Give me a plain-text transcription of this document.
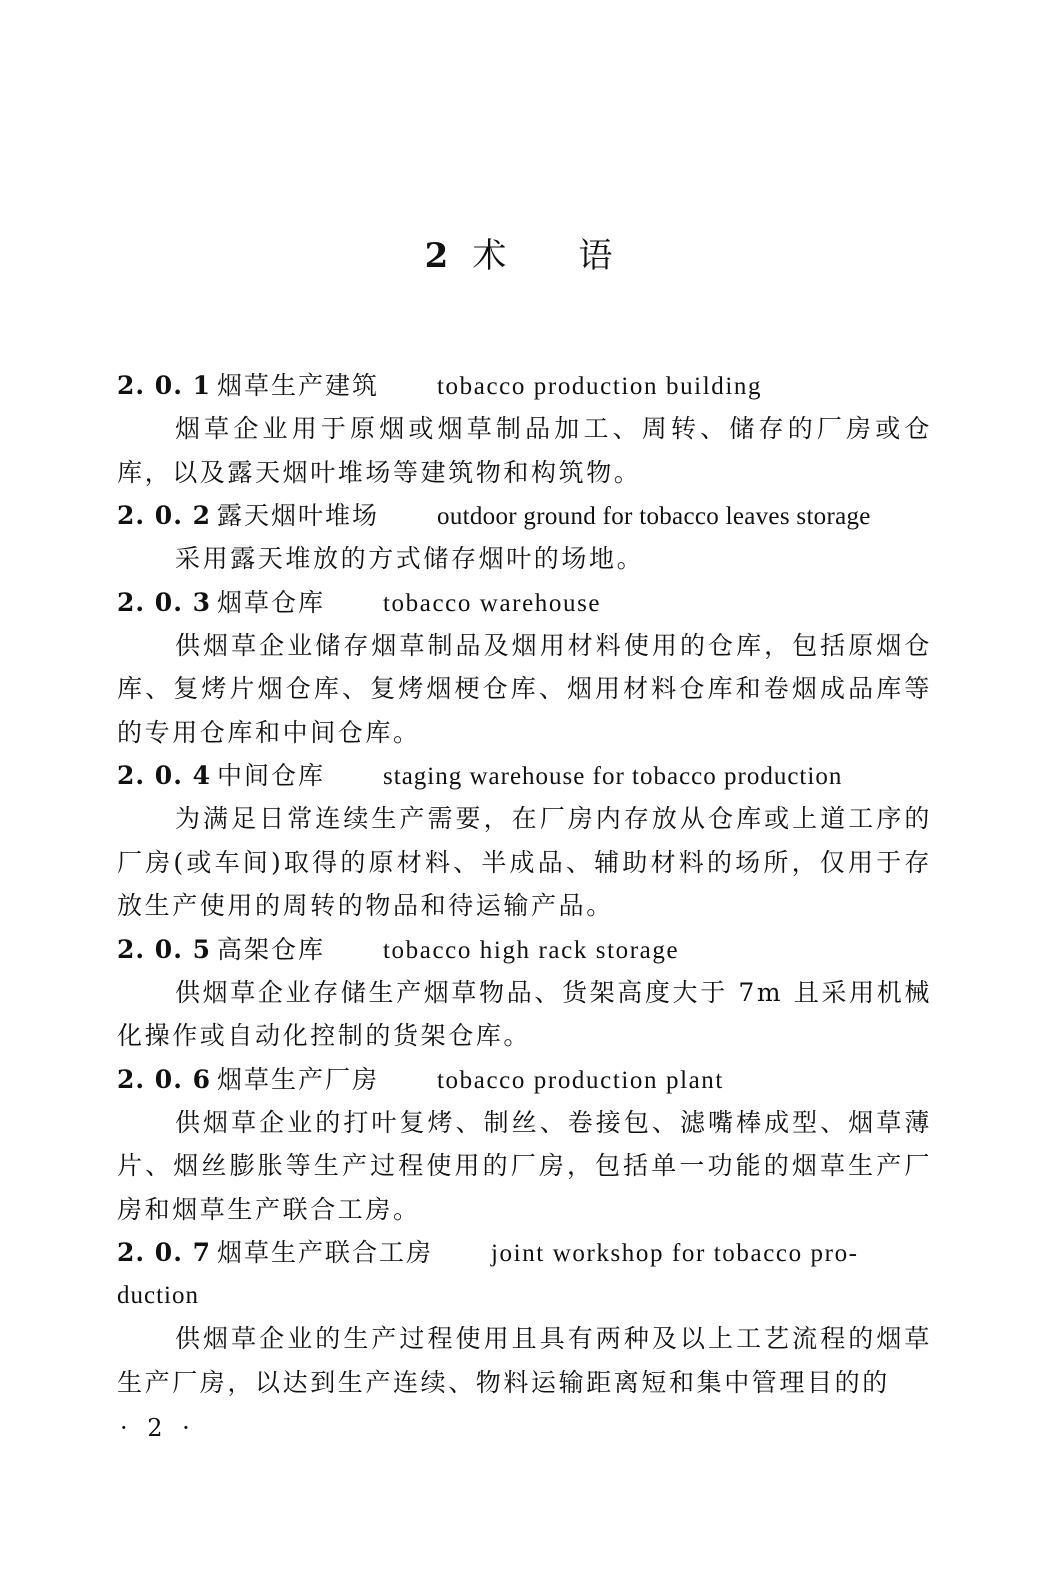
2 术 语
2. 0. 1 烟草生产建筑 tobacco production building

烟草企业用于原烟或烟草制品加工、周转、储存的厂房或仓库，以及露天烟叶堆场等建筑物和构筑物。

2. 0. 2 露天烟叶堆场 outdoor ground for tobacco leaves storage

采用露天堆放的方式储存烟叶的场地。

2. 0. 3 烟草仓库 tobacco warehouse

供烟草企业储存烟草制品及烟用材料使用的仓库，包括原烟仓库、复烤片烟仓库、复烤烟梗仓库、烟用材料仓库和卷烟成品库等的专用仓库和中间仓库。

2. 0. 4 中间仓库 staging warehouse for tobacco production

为满足日常连续生产需要，在厂房内存放从仓库或上道工序的厂房(或车间)取得的原材料、半成品、辅助材料的场所，仅用于存放生产使用的周转的物品和待运输产品。

2. 0. 5 高架仓库 tobacco high rack storage

供烟草企业存储生产烟草物品、货架高度大于 7m 且采用机械化操作或自动化控制的货架仓库。

2. 0. 6 烟草生产厂房 tobacco production plant

供烟草企业的打叶复烤、制丝、卷接包、滤嘴棒成型、烟草薄片、烟丝膨胀等生产过程使用的厂房，包括单一功能的烟草生产厂房和烟草生产联合工房。

2. 0. 7 烟草生产联合工房 joint workshop for tobacco pro-
duction

供烟草企业的生产过程使用且具有两种及以上工艺流程的烟草生产厂房，以达到生产连续、物料运输距离短和集中管理目的的

· 2 ·
